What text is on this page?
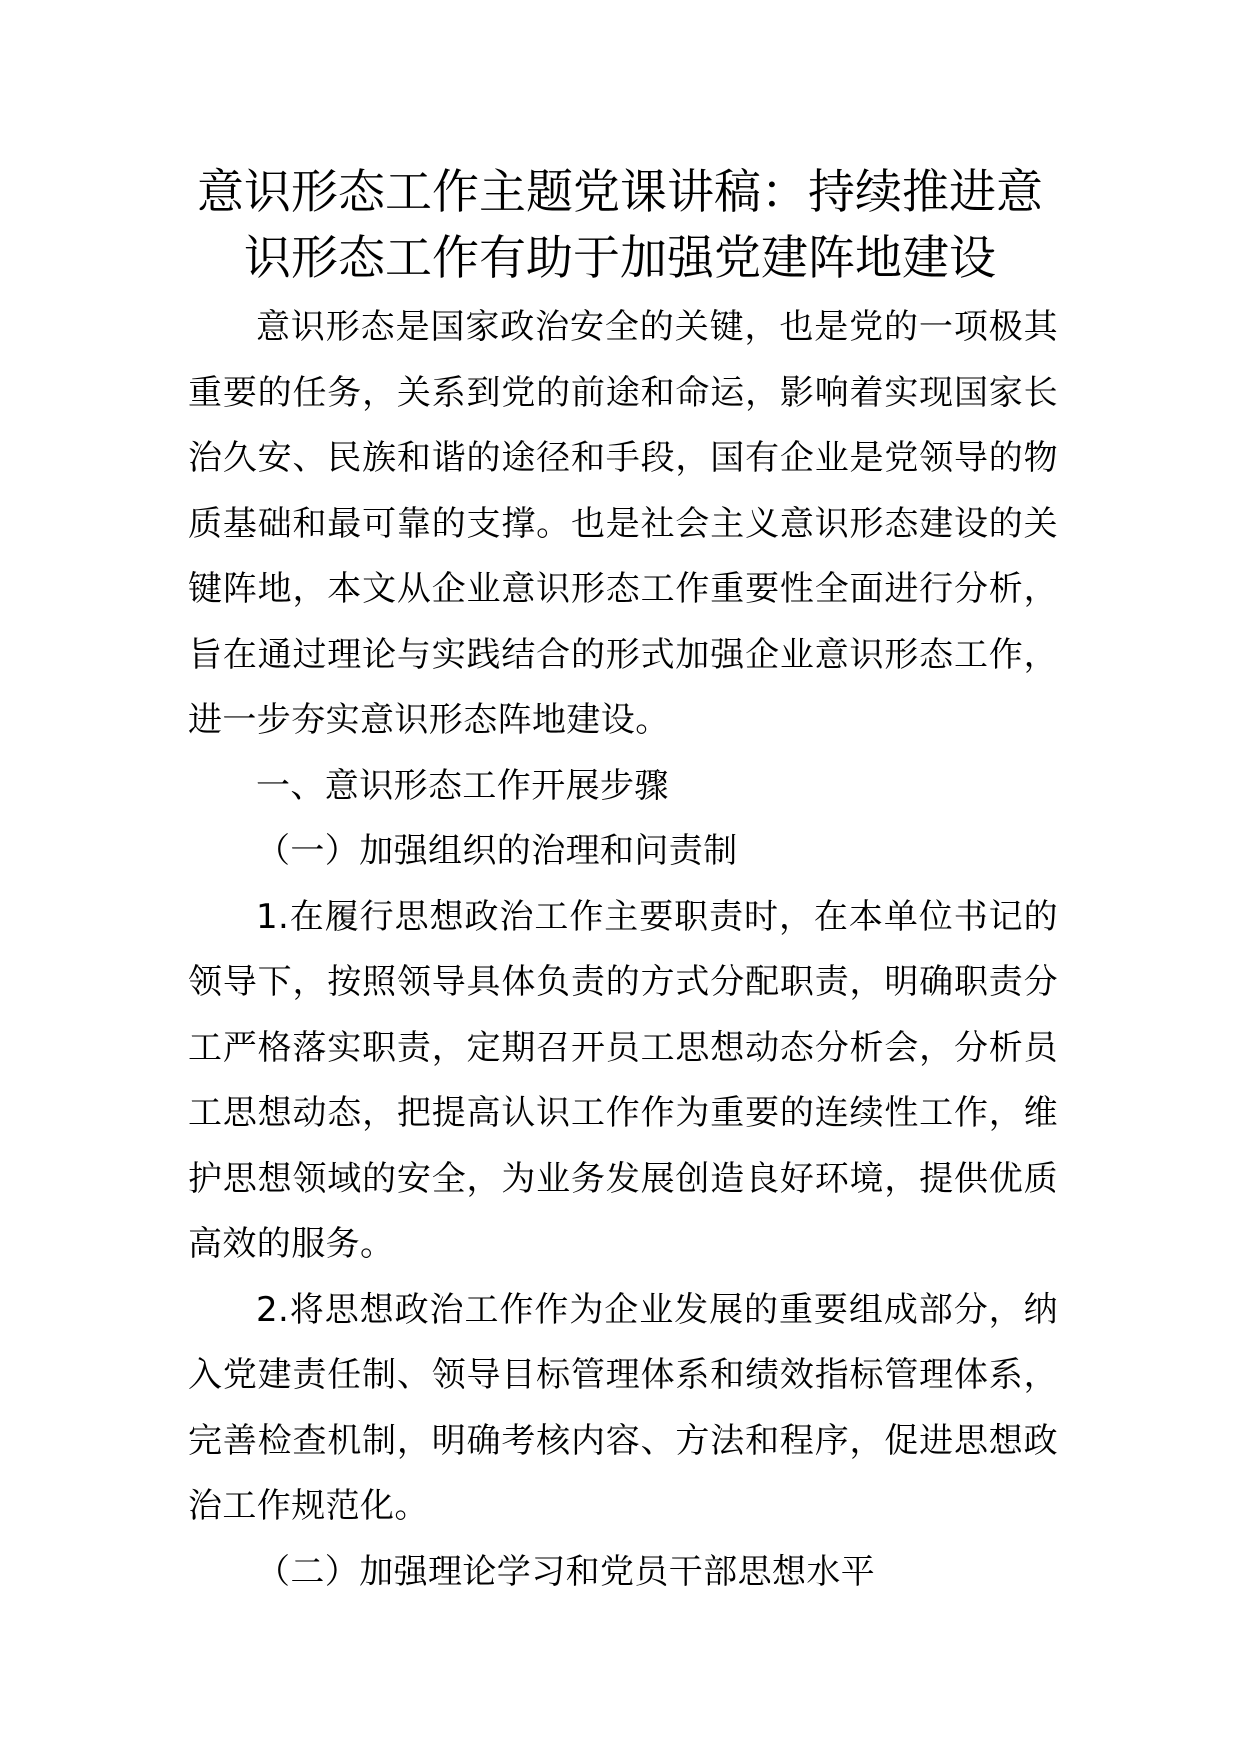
意识形态工作主题党课讲稿：持续推进意
识形态工作有助于加强党建阵地建设

意识形态是国家政治安全的关键，也是党的一项极其重要的任务，关系到党的前途和命运，影响着实现国家长治久安、民族和谐的途径和手段，国有企业是党领导的物质基础和最可靠的支撑。也是社会主义意识形态建设的关键阵地，本文从企业意识形态工作重要性全面进行分析，旨在通过理论与实践结合的形式加强企业意识形态工作，进一步夯实意识形态阵地建设。

一、意识形态工作开展步骤

（一）加强组织的治理和问责制

1.在履行思想政治工作主要职责时，在本单位书记的领导下，按照领导具体负责的方式分配职责，明确职责分工严格落实职责，定期召开员工思想动态分析会，分析员工思想动态，把提高认识工作作为重要的连续性工作，维护思想领域的安全，为业务发展创造良好环境，提供优质高效的服务。

2.将思想政治工作作为企业发展的重要组成部分，纳入党建责任制、领导目标管理体系和绩效指标管理体系，完善检查机制，明确考核内容、方法和程序，促进思想政治工作规范化。

（二）加强理论学习和党员干部思想水平
